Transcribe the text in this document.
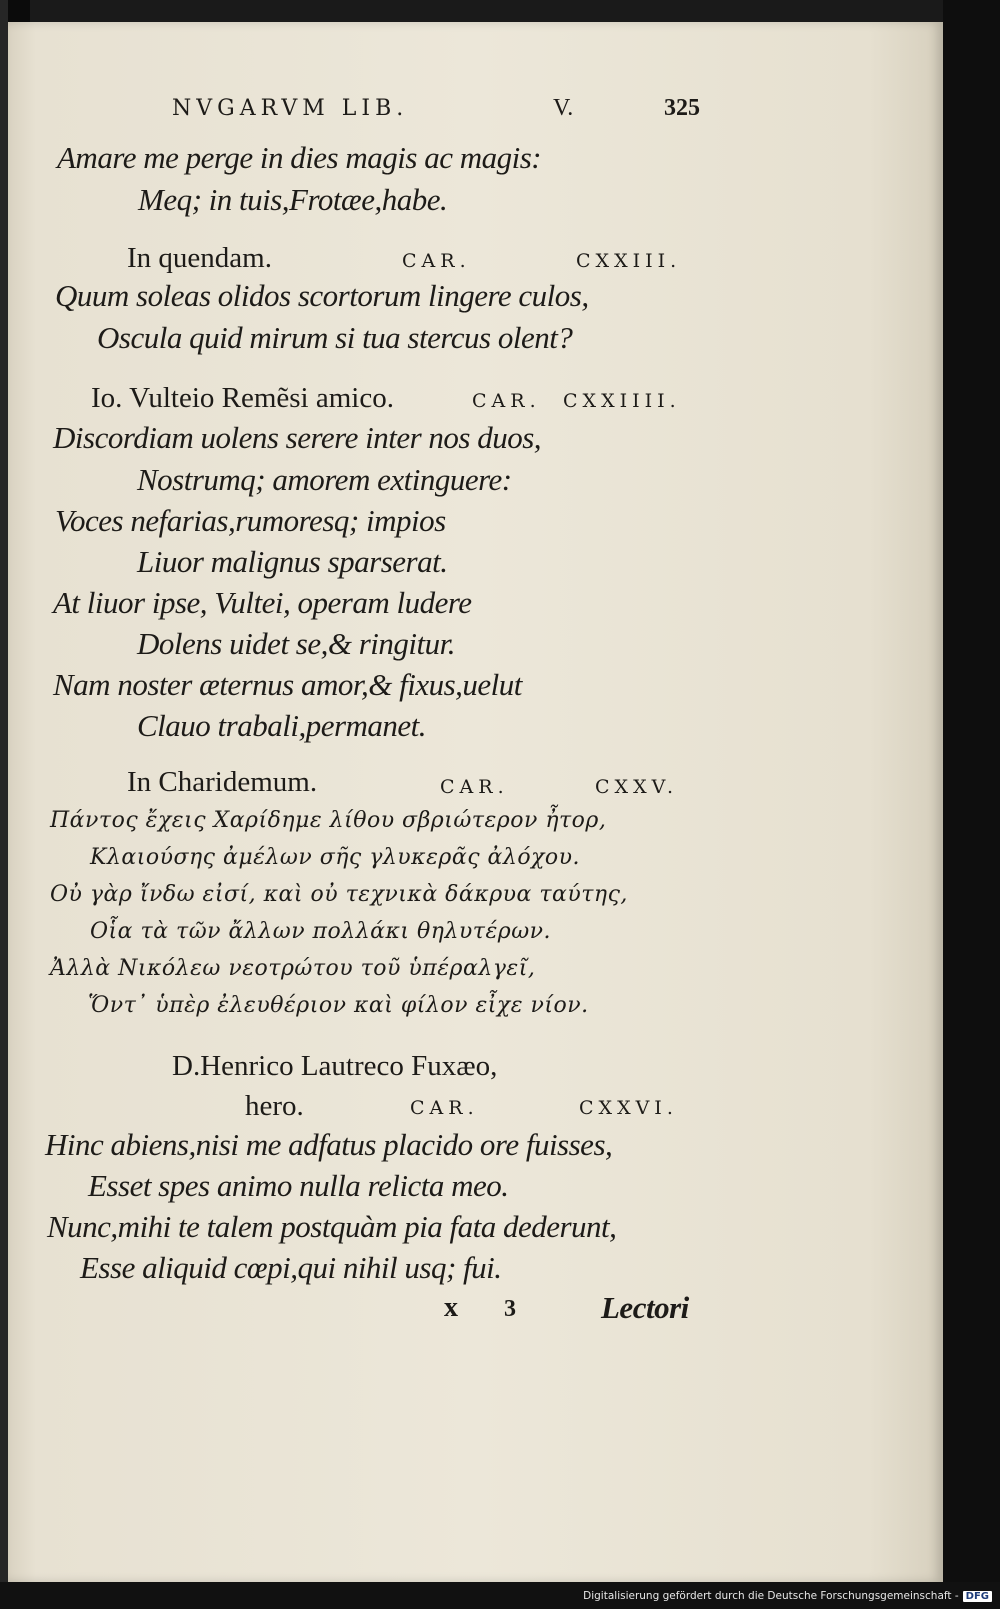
NVGARVM LIB.	V.	325
Amare me perge in dies magis ac magis:
Meq; in tuis,Frotæe,habe.
In quendam.	CAR.	CXXIII.
Quum soleas olidos scortorum lingere culos,
Oscula quid mirum si tua stercus olent?
Io. Vulteio Remẽsi amico.	CAR. CXXIIII.
Discordiam uolens serere inter nos duos,
Nostrumq; amorem extinguere:
Voces nefarias,rumoresq; impios
Liuor malignus sparserat.
At liuor ipse, Vultei, operam ludere
Dolens uidet se,& ringitur.
Nam noster æternus amor,& fixus,uelut
Clauo trabali,permanet.
In Charidemum.	CAR.	CXXV.
Πάντος ἔχεις Χαρίδημε λίθου σβριώτερον ἦτορ,
Κλαιούσης ἀμέλων σῆς γλυκερᾶς ἀλόχου.
Οὐ γὰρ ἴνδω εἰσί, καὶ οὐ τεχνικὰ δάκρυα ταύτης,
Οἷα τὰ τῶν ἄλλων πολλάκι θηλυτέρων.
Ἀλλὰ Νικόλεω νεοτρώτου τοῦ ὑπέραλγεῖ,
Ὅντ᾽ ὑπὲρ ἐλευθέριον καὶ φίλον εἶχε νίον.
D.Henrico Lautreco Fuxæo,
hero.	CAR.	CXXVI.
Hinc abiens,nisi me adfatus placido ore fuisses,
Esset spes animo nulla relicta meo.
Nunc,mihi te talem postquàm pia fata dederunt,
Esse aliquid cœpi,qui nihil usq; fui.
x 3	Lectori
Digitalisierung gefördert durch die Deutsche Forschungsgemeinschaft - DFG
